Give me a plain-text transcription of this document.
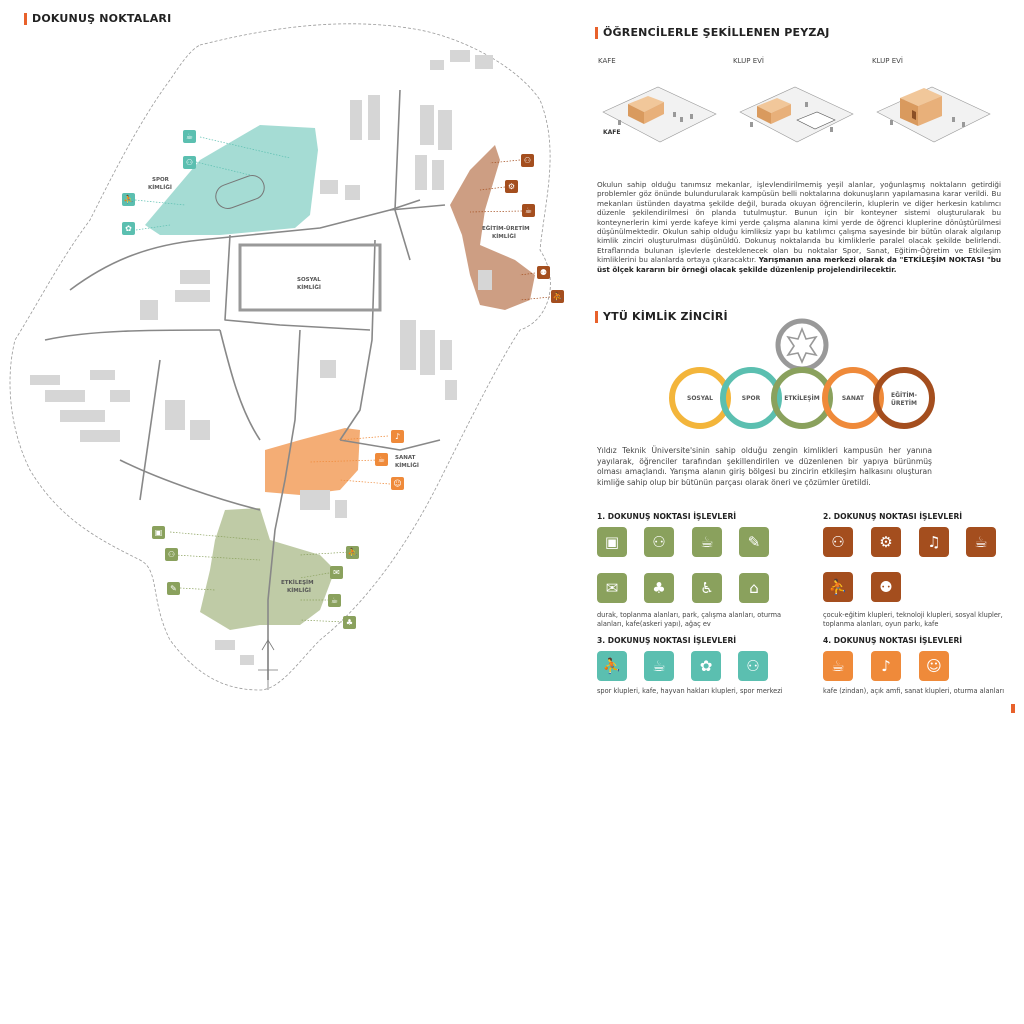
DOKUNUŞ NOKTALARI
ÖĞRENCİLERLE ŞEKİLLENEN PEYZAJ
SPOR
KİMLİĞİ
SOSYAL
KİMLİĞİ
EĞİTİM-ÜRETİM
KİMLİĞİ
SANAT
KİMLİĞİ
ETKİLEŞİM
KİMLİĞİ
☕
⚇
⛹
✿
⚇
⚙
☕
⚉
⛹
♪
☕
☺
▣
⚇
✎
⛹
✉
☕
♣
KAFE	KLUP EVİ	KLUP EVİ
KAFE
Okulun sahip olduğu tanımsız mekanlar, işlevlendirilmemiş yeşil alanlar, yoğunlaşmış noktaların getirdiği problemler göz önünde bulundurularak kampüsün belli noktalarına dokunuşların yapılamasına karar verildi. Bu mekanları üstünden dayatma şekilde değil, burada okuyan öğrencilerin, kluplerin ve diğer herkesin katılımcı düzenle şekilendirilmesi ön planda tutulmuştur. Bunun için bir konteyner sistemi oluşturularak bu konteynerlerin kimi yerde kafeye kimi yerde çalışma alanına kimi yerde de öğrenci kluplerine dönüştürülmesi düşünülmektedir. Okulun sahip olduğu kimliksiz yapı bu katılımcı çalışma sayesinde bir bütün olarak algılanıp kimlik zinciri oluşturulması düşünüldü. Dokunuş noktalarıda bu kimliklerle paralel olacak şekilde belirlendi. Etraflarında bulunan işlevlerle desteklenecek olan bu noktalar Spor, Sanat, Eğitim-Öğretim ve Etkileşim kimliklerini bu alanlarda ortaya çıkaracaktır. Yarışmanın ana merkezi olarak da "ETKİLEŞİM NOKTASI "bu üst ölçek kararın bir örneği olacak şekilde düzenlenip projelendirilecektir.
YTÜ KİMLİK ZİNCİRİ
SOSYAL	SPOR	ETKİLEŞİM	SANAT	EĞİTİM-
ÜRETİM
Yıldız Teknik Üniversite'sinin sahip olduğu zengin kimlikleri kampusün her yanına yayılarak, öğrenciler tarafından şekillendirilen ve düzenlenen bir yapıya bürünmüş olması amaçlandı. Yarışma alanın giriş bölgesi bu zincirin etkileşim halkasını oluşturan kimliğe sahip olup bir bütünün parçası olarak öneri ve çözümler üretildi.
1. DOKUNUŞ NOKTASI İŞLEVLERİ
▣	⚇	☕	✎
✉	♣	♿	⌂
durak, toplanma alanları, park, çalışma alanları, oturma alanları, kafe(askeri yapı), ağaç ev
2. DOKUNUŞ NOKTASI İŞLEVLERİ
⚇	⚙	♫	☕
⛹	⚉
çocuk-eğitim klupleri, teknoloji klupleri, sosyal klupler, toplanma alanları, oyun parkı, kafe
3. DOKUNUŞ NOKTASI İŞLEVLERİ
⛹	☕	✿	⚇
spor klupleri, kafe, hayvan hakları klupleri, spor merkezi
4. DOKUNUŞ NOKTASI İŞLEVLERİ
☕	♪	☺
kafe (zindan), açık amfi, sanat klupleri, oturma alanları
